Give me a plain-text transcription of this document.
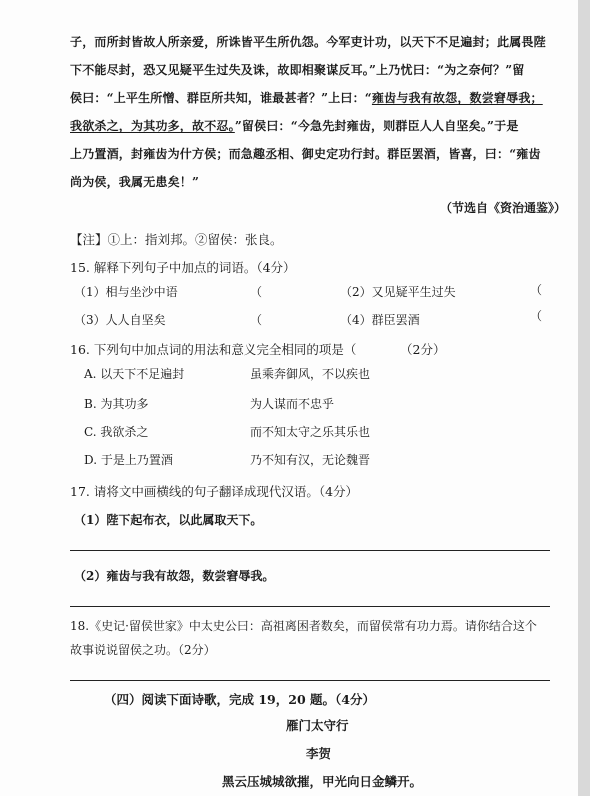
子，而所封皆故人所亲爱，所诛皆平生所仇怨。今军吏计功，以天下不足遍封；此属畏陛
下不能尽封，恐又见疑平生过失及诛，故即相聚谋反耳。”上乃忧曰：“为之奈何？”留
侯曰：“上平生所憎、群臣所共知，谁最甚者？”上曰：“雍齿与我有故怨，数尝窘辱我；
我欲杀之，为其功多，故不忍。”留侯曰：“今急先封雍齿，则群臣人人自坚矣。”于是
上乃置酒，封雍齿为什方侯；而急趣丞相、御史定功行封。群臣罢酒，皆喜，曰：“雍齿
尚为侯，我属无患矣！”
（节选自《资治通鉴》）
【注】①上：指刘邦。②留侯：张良。
15. 解释下列句子中加点的词语。（4分）
（1）相与坐沙中语	（	（2）又见疑平生过失	（
（3）人人自坚矣	（	（4）群臣罢酒	（
16. 下列句中加点词的用法和意义完全相同的项是（	（2分）
A. 以天下不足遍封	虽乘奔御风，不以疾也
B. 为其功多	为人谋而不忠乎
C. 我欲杀之	而不知太守之乐其乐也
D. 于是上乃置酒	乃不知有汉，无论魏晋
17. 请将文中画横线的句子翻译成现代汉语。（4分）
（1）陛下起布衣，以此属取天下。
（2）雍齿与我有故怨，数尝窘辱我。
18.《史记·留侯世家》中太史公曰：高祖离困者数矣，而留侯常有功力焉。请你结合这个
故事说说留侯之功。（2分）
（四）阅读下面诗歌，完成 19，20 题。（4分）
雁门太守行
李贺
黑云压城城欲摧，甲光向日金鳞开。
